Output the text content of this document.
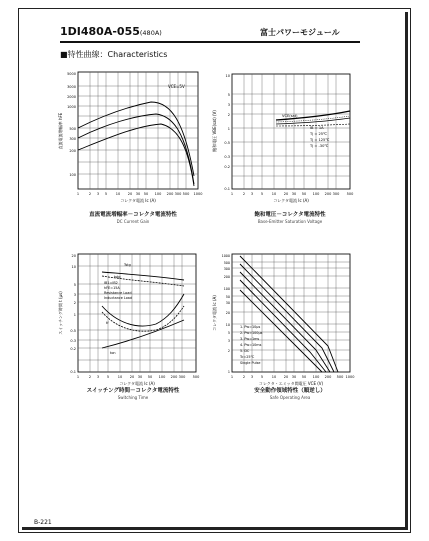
1DI480A-055(480A)	富士パワーモジュール
■特性曲線：Characteristics
VCE=5V
5000
3000
2000
1000
500
300
200
100
1	2 3 5 10 20 30 50 100 200 300 500 1000
コレクタ電流 Ic (A)
直流電流増幅率 hFE
直流電流増幅率－コレクタ電流特性
DC Current Gain
VCE(sat)
IB = 1A
Tj = 25℃
Tj = 125℃
Tj = -30℃
10
5
3
2
1
0.5
0.3
0.2
0.1
1	2 3 5 10 20 30 50 100 200 300 500
コレクタ電流 Ic (A)
飽和電圧 VBE(sat) (V)
飽和電圧－コレクタ電流特性
Base-Emitter Saturation Voltage
Tstg
IB1=IB2
hFE=15A
Resistance Load
Inductance Load
tstg
tf
ton
20
10
5
3
2
1
0.5
0.3
0.2
0.1
1	2 3 5 10 20 30 50 100 200 300 500
コレクタ電流 Ic (A)
スイッチング時間 t (μs)
スイッチング時間－コレクタ電流特性
Switching Time
1. Pw=10μs
2. Pw=100μs
3. Pw=1ms
4. Pw=10ms
5. DC
Tc=25℃
Single Pulse
1000
500
300
200
100
50
30
20
10
5
3
2
1
1	2 3 5 10 20 30 50 100 200 500 1000
コレクタ・エミッタ間電圧 VCE (V)
コレクタ電流 Ic (A)
安全動作領域特性（順逆し）
Safe Operating Area
B-221
